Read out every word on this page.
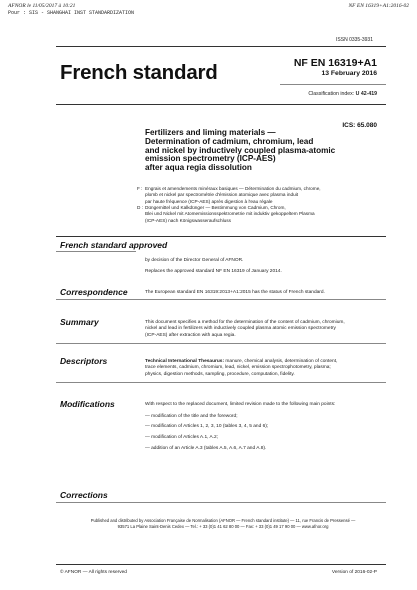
AFNOR le 11/05/2017 à 10:21
Pour : SIS - SHANGHAI INST STANDARDIZATION
NF EN 16319+A1:2016-02
ISSN 0335-3931
French standard	NF EN 16319+A1
13 February 2016
Classification index: U 42-419
ICS: 65.080
Fertilizers and liming materials —
Determination of cadmium, chromium, lead
and nickel by inductively coupled plasma-atomic
emission spectrometry (ICP-AES)
after aqua regia dissolution
F : Engrais et amendements minéraux basiques — Détermination du cadmium, chrome,
plomb et nickel par spectrométrie d'émission atomique avec plasma induit
par haute fréquence (ICP-AES) après digestion à l'eau régale
D : Düngemittel und Kalkdünger — Bestimmung von Cadmium, Chrom,
Blei und Nickel mit Atomemissionsspektrometrie mit induktiv gekoppeltem Plasma
(ICP-AES) nach Königswasseraufschluss
French standard approved
by decision of the Director General of AFNOR.
Replaces the approved standard NF EN 16319 of January 2014.
Correspondence	The European standard EN 16319:2013+A1:2015 has the status of French standard.
Summary	This document specifies a method for the determination of the content of cadmium, chromium,
nickel and lead in fertilizers with inductively coupled plasma atomic emission spectrometry
(ICP-AES) after extraction with aqua regia.
Descriptors	Technical International Thesaurus: manure, chemical analysis, determination of content,
trace elements, cadmium, chromium, lead, nickel, emission spectrophotometry, plasma;
physics, digestion methods, sampling, procedure, computation, fidelity.
Modifications	With respect to the replaced document, limited revision made to the following main points:
— modification of the title and the foreword;
— modification of Articles 1, 2, 3, 10 (tables 3, 4, 5 and 6);
— modification of Articles A.1, A.2;
— addition of an Article A.3 (tables A.5, A.6, A.7 and A.8).
Corrections
Published and distributed by Association Française de Normalisation (AFNOR — French standard institute) — 11, rue Francis de Pressensé —
93571 La Plaine Saint-Denis Cedex — Tel.: + 33 (0)1 41 62 80 00 — Fax: + 33 (0)1 49 17 90 00 — www.afnor.org
© AFNOR — All rights reserved	Version of 2016-02-P
